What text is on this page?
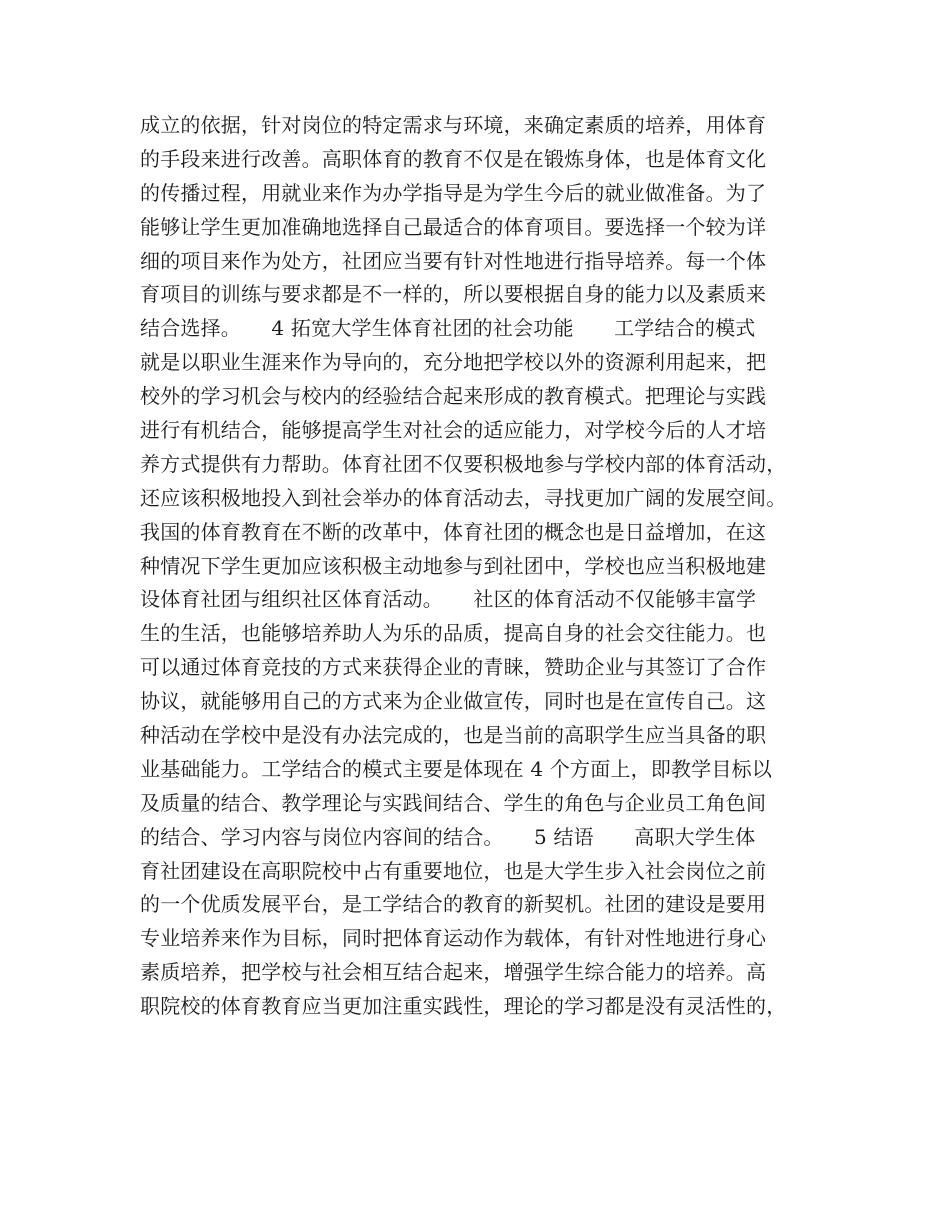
成立的依据，针对岗位的特定需求与环境，来确定素质的培养，用体育
的手段来进行改善。高职体育的教育不仅是在锻炼身体，也是体育文化
的传播过程，用就业来作为办学指导是为学生今后的就业做准备。为了
能够让学生更加准确地选择自己最适合的体育项目。要选择一个较为详
细的项目来作为处方，社团应当要有针对性地进行指导培养。每一个体
育项目的训练与要求都是不一样的，所以要根据自身的能力以及素质来
结合选择。　　4 拓宽大学生体育社团的社会功能　　工学结合的模式
就是以职业生涯来作为导向的，充分地把学校以外的资源利用起来，把
校外的学习机会与校内的经验结合起来形成的教育模式。把理论与实践
进行有机结合，能够提高学生对社会的适应能力，对学校今后的人才培
养方式提供有力帮助。体育社团不仅要积极地参与学校内部的体育活动，
还应该积极地投入到社会举办的体育活动去，寻找更加广阔的发展空间。
我国的体育教育在不断的改革中，体育社团的概念也是日益增加，在这
种情况下学生更加应该积极主动地参与到社团中，学校也应当积极地建
设体育社团与组织社区体育活动。　　社区的体育活动不仅能够丰富学
生的生活，也能够培养助人为乐的品质，提高自身的社会交往能力。也
可以通过体育竞技的方式来获得企业的青睐，赞助企业与其签订了合作
协议，就能够用自己的方式来为企业做宣传，同时也是在宣传自己。这
种活动在学校中是没有办法完成的，也是当前的高职学生应当具备的职
业基础能力。工学结合的模式主要是体现在 4 个方面上，即教学目标以
及质量的结合、教学理论与实践间结合、学生的角色与企业员工角色间
的结合、学习内容与岗位内容间的结合。　　5 结语　　高职大学生体
育社团建设在高职院校中占有重要地位，也是大学生步入社会岗位之前
的一个优质发展平台，是工学结合的教育的新契机。社团的建设是要用
专业培养来作为目标，同时把体育运动作为载体，有针对性地进行身心
素质培养，把学校与社会相互结合起来，增强学生综合能力的培养。高
职院校的体育教育应当更加注重实践性，理论的学习都是没有灵活性的，
